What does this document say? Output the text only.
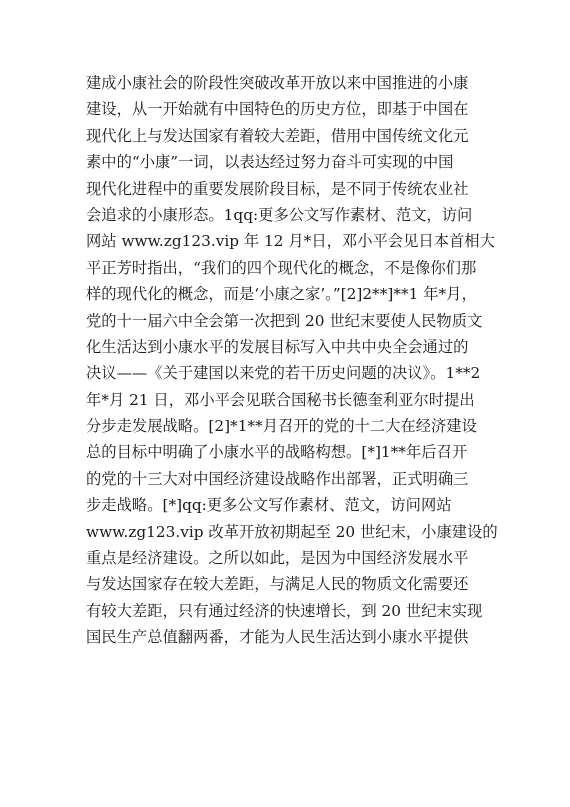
建成小康社会的阶段性突破改革开放以来中国推进的小康
建设，从一开始就有中国特色的历史方位，即基于中国在
现代化上与发达国家有着较大差距，借用中国传统文化元
素中的“小康”一词，以表达经过努力奋斗可实现的中国
现代化进程中的重要发展阶段目标，是不同于传统农业社
会追求的小康形态。1qq:更多公文写作素材、范文，访问
网站 www.zg123.vip 年 12 月*日，邓小平会见日本首相大
平正芳时指出，“我们的四个现代化的概念，不是像你们那
样的现代化的概念，而是‘小康之家’。”[2]2**]**1 年*月，
党的十一届六中全会第一次把到 20 世纪末要使人民物质文
化生活达到小康水平的发展目标写入中共中央全会通过的
决议——《关于建国以来党的若干历史问题的决议》。1**2
年*月 21 日，邓小平会见联合国秘书长德奎利亚尔时提出
分步走发展战略。[2]*1**月召开的党的十二大在经济建设
总的目标中明确了小康水平的战略构想。[*]1**年后召开
的党的十三大对中国经济建设战略作出部署，正式明确三
步走战略。[*]qq:更多公文写作素材、范文，访问网站
www.zg123.vip 改革开放初期起至 20 世纪末，小康建设的
重点是经济建设。之所以如此，是因为中国经济发展水平
与发达国家存在较大差距，与满足人民的物质文化需要还
有较大差距，只有通过经济的快速增长，到 20 世纪末实现
国民生产总值翻两番，才能为人民生活达到小康水平提供
